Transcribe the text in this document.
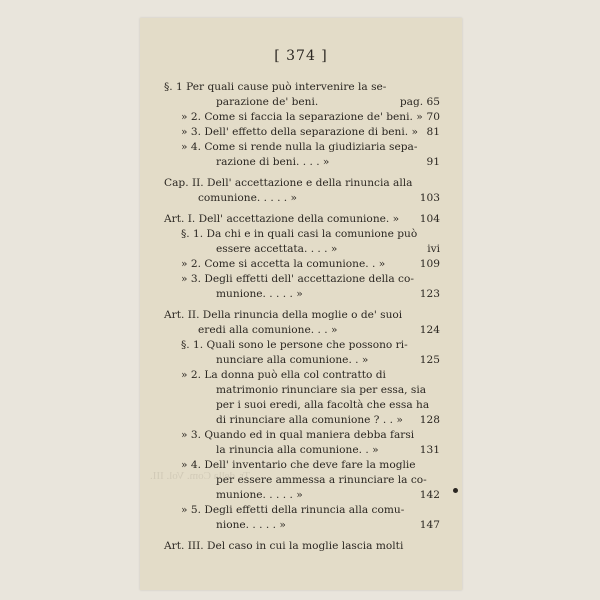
[ 374 ]
§. 1 Per quali cause può intervenire la se-
parazione de' beni.	pag. 65
» 2. Come si faccia la separazione de' beni. » 70
» 3. Dell' effetto della separazione di beni. » 81
» 4. Come si rende nulla la giudiziaria sepa-
razione di beni. . . . »	91
Cap. II. Dell' accettazione e della rinuncia alla
comunione. . . . . »	103
Art. I. Dell' accettazione della comunione. » 104
§. 1. Da chi e in quali casi la comunione può
essere accettata. . . . »	ivi
» 2. Come si accetta la comunione. . »	109
» 3. Degli effetti dell' accettazione della co-
munione. . . . . »	123
Art. II. Della rinuncia della moglie o de' suoi
eredi alla comunione. . . »	124
§. 1. Quali sono le persone che possono ri-
nunciare alla comunione. . »	125
» 2. La donna può ella col contratto di
matrimonio rinunciare sia per essa, sia
per i suoi eredi, alla facoltà che essa ha
di rinunciare alla comunione ? . . » 128
» 3. Quando ed in qual maniera debba farsi
la rinuncia alla comunione. . »	131
» 4. Dell' inventario che deve fare la moglie
per essere ammessa a rinunciare la co-
munione. . . . . »	142
» 5. Degli effetti della rinuncia alla comu-
nione. . . . . »	147
Art. III. Del caso in cui la moglie lascia molti
Tr. della Com. Vol. III.
